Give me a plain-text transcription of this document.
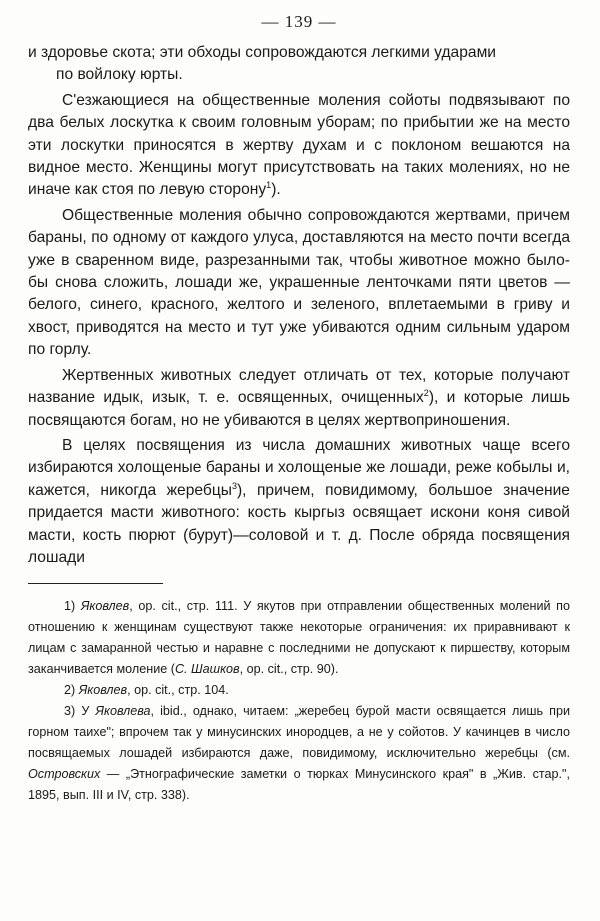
— 139 —

и здоровье скота; эти обходы сопровождаются легкими ударами
по войлоку юрты.

С'езжающиеся на общественные моления сойоты подвязывают по два белых лоскутка к своим головным уборам; по прибытии же на место эти лоскутки приносятся в жертву духам и с поклоном вешаются на видное место. Женщины могут присутствовать на таких молениях, но не иначе как стоя по левую сторону$^1$).

Общественные моления обычно сопровождаются жертвами, причем бараны, по одному от каждого улуса, доставляются на место почти всегда уже в сваренном виде, разрезанными так, чтобы животное можно было-бы снова сложить, лошади же, украшенные ленточками пяти цветов — белого, синего, красного, желтого и зеленого, вплетаемыми в гриву и хвост, приводятся на место и тут уже убиваются одним сильным ударом по горлу.

Жертвенных животных следует отличать от тех, которые получают название идык, изык, т. е. освященных, очищенных$^2$), и которые лишь посвящаются богам, но не убиваются в целях жертвоприношения.

В целях посвящения из числа домашних животных чаще всего избираются холощеные бараны и холощеные же лошади, реже кобылы и, кажется, никогда жеребцы$^3$), причем, повидимому, большое значение придается масти животного: кость кыргыз освящает искони коня сивой масти, кость пюрют (бурут)—соловой и т. д. После обряда посвящения лошади

1) Яковлев, ор. cit., стр. 111. У якутов при отправлении общественных молений по отношению к женщинам существуют также некоторые ограничения: их приравнивают к лицам с замаранной честью и наравне с последними не допускают к пиршеству, которым заканчивается моление (С. Шашков, ор. cit., стр. 90).

2) Яковлев, ор. cit., стр. 104.

3) У Яковлева, ibid., однако, читаем: „жеребец бурой масти освящается лишь при горном таихе"; впрочем так у минусинских инородцев, а не у сойотов. У качинцев в число посвящаемых лошадей избираются даже, повидимому, исключительно жеребцы (см. Островских — „Этнографические заметки о тюрках Минусинского края" в „Жив. стар.", 1895, вып. III и IV, стр. 338).
